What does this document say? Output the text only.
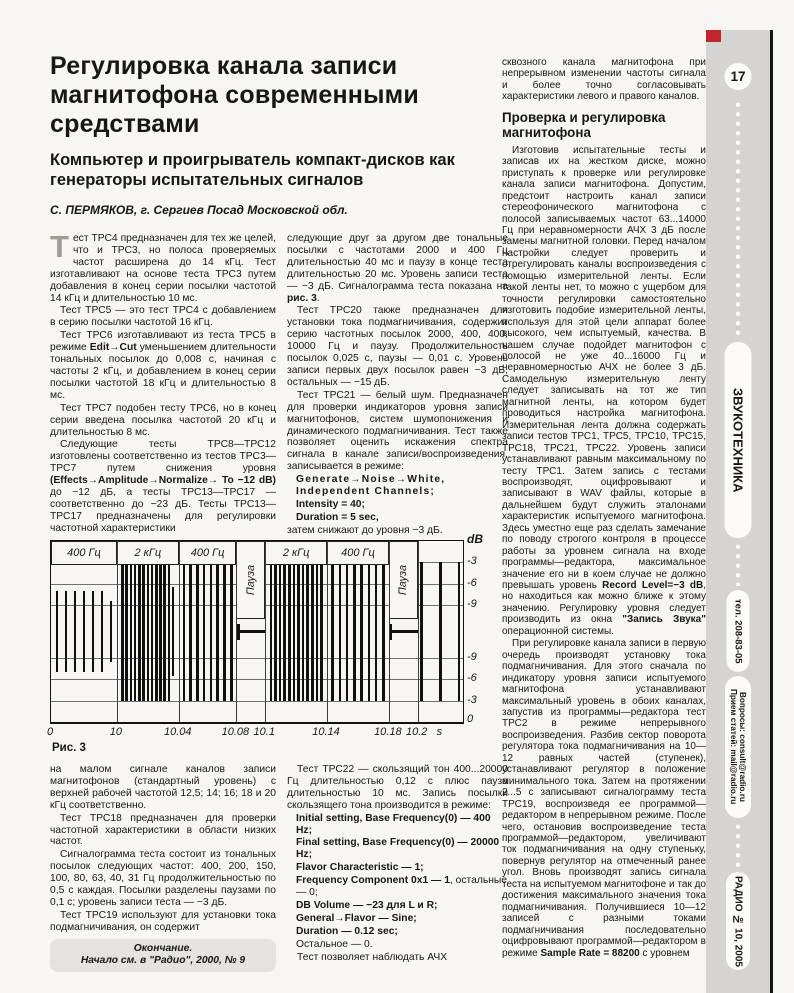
Регулировка канала записи магнитофона современными средствами
Компьютер и проигрыватель компакт-дисков как генераторы испытательных сигналов
С. ПЕРМЯКОВ, г. Сергиев Посад Московской обл.

Тест ТРС4 предназначен для тех же целей, что и ТРС3, но полоса проверяемых частот расширена до 14 кГц. Тест изготавливают на основе теста ТРС3 путем добавления в конец серии посылки частотой 14 кГц и длительностью 10 мс.

Тест ТРС5 — это тест ТРС4 с добавлением в серию посылки частотой 16 кГц.

Тест ТРС6 изготавливают из теста ТРС5 в режиме Edit→Cut уменьшением длительности тональных посылок до 0,008 с, начиная с частоты 2 кГц, и добавлением в конец серии посылки частотой 18 кГц и длительностью 8 мс.

Тест ТРС7 подобен тесту ТРС6, но в конец серии введена посылка частотой 20 кГц и длительностью 8 мс.

Следующие тесты ТРС8—ТРС12 изготовлены соответственно из тестов ТРС3—ТРС7 путем снижения уровня (Effects→Amplitude→Normalize→ To −12 dB) до −12 дБ, а тесты ТРС13—ТРС17 — соответственно до −23 дБ. Тесты ТРС13—ТРС17 предназначены для регулировки частотной характеристики

следующие друг за другом две тональные посылки с частотами 2000 и 400 Гц длительностью 40 мс и паузу в конце теста длительностью 20 мс. Уровень записи теста — −3 дБ. Сигналограмма теста показана на рис. 3.

Тест ТРС20 также предназначен для установки тока подмагничивания, содержит серию частотных посылок 2000, 400, 400, 10000 Гц и паузу. Продолжительность посылок 0,025 с, паузы — 0,01 с. Уровень записи первых двух посылок равен −3 дБ, остальных — −15 дБ.

Тест ТРС21 — белый шум. Предназначен для проверки индикаторов уровня записи магнитофонов, систем шумопонижения и динамического подмагничивания. Тест также позволяет оценить искажения спектра сигнала в канале записи/воспроизведения, записывается в режиме:

Generate→Noise→White, Independent Channels;

Intensity = 40;

Duration = 5 sec,

затем снижают до уровня −3 дБ.

сквозного канала магнитофона при непрерывном изменении частоты сигнала и более точно согласовывать характеристики левого и правого каналов.

Проверка и регулировка магнитофона

Изготовив испытательные тесты и записав их на жестком диске, можно приступать к проверке или регулировке канала записи магнитофона. Допустим, предстоит настроить канал записи стереофонического магнитофона с полосой записываемых частот 63...14000 Гц при неравномерности АЧХ 3 дБ после замены магнитной головки. Перед началом настройки следует проверить и отрегулировать каналы воспроизведения с помощью измерительной ленты. Если такой ленты нет, то можно с ущербом для точности регулировки самостоятельно изготовить подобие измерительной ленты, используя для этой цели аппарат более высокого, чем испытуемый, качества. В нашем случае подойдет магнитофон с полосой не уже 40...16000 Гц и неравномерностью АЧХ не более 3 дБ. Самодельную измерительную ленту следует записывать на тот же тип магнитной ленты, на котором будет проводиться настройка магнитофона. Измерительная лента должна содержать записи тестов ТРС1, ТРС5, ТРС10, ТРС15, ТРС18, ТРС21, ТРС22. Уровень записи устанавливают равным максимальному по тесту ТРС1. Затем запись с тестами воспроизводят, оцифровывают и записывают в WAV файлы, которые в дальнейшем будут служить эталонами характеристик испытуемого магнитофона. Здесь уместно еще раз сделать замечание по поводу строгого контроля в процессе работы за уровнем сигнала на входе программы—редактора, максимальное значение его ни в коем случае не должно превышать уровень Record Level=−3 dB, но находиться как можно ближе к этому значению. Регулировку уровня следует производить из окна "Запись Звука" операционной системы.

При регулировке канала записи в первую очередь производят установку тока подмагничивания. Для этого сначала по индикатору уровня записи испытуемого магнитофона устанавливают максимальный уровень в обоих каналах, запустив из программы—редактора тест ТРС2 в режиме непрерывного воспроизведения. Разбив сектор поворота регулятора тока подмагничивания на 10—12 равных частей (ступенек), устанавливают регулятор в положение минимального тока. Затем на протяжении 2...5 с записывают сигналограмму теста ТРС19, воспроизведя ее программой—редактором в непрерывном режиме. После чего, остановив воспроизведение теста программой—редактором, увеличивают ток подмагничивания на одну ступеньку, повернув регулятор на отмеченный ранее угол. Вновь производят запись сигнала теста на испытуемом магнитофоне и так до достижения максимального значения тока подмагничивания. Получившиеся 10—12 записей с разными токами подмагничивания последовательно оцифровывают программой—редактором в режиме Sample Rate = 88200 с уровнем

400 Гц	2 кГц	400 Гц
Пауза
2 кГц	400 Гц
Пауза
dB
-3
-6
-9
-9
-6
-3
0
0	10	10.04	10.08 10.1	10.14	10.18 10.2 s
Рис. 3

на малом сигнале каналов записи магнитофонов (стандартный уровень) с верхней рабочей частотой 12,5; 14; 16; 18 и 20 кГц соответственно.

Тест ТРС18 предназначен для проверки частотной характеристики в области низких частот.

Сигналограмма теста состоит из тональных посылок следующих частот: 400, 200, 150, 100, 80, 63, 40, 31 Гц продолжительностью по 0,5 с каждая. Посылки разделены паузами по 0,1 с; уровень записи теста — −3 дБ.

Тест ТРС19 используют для установки тока подмагничивания, он содержит

Окончание.
Начало см. в "Радио", 2000, № 9

Тест ТРС22 — скользящий тон 400...20000 Гц длительностью 0,12 с плюс пауза длительностью 10 мс. Запись посылки скользящего тона производится в режиме:

Initial setting, Base Frequency(0) — 400 Hz;

Final setting, Base Frequency(0) — 20000 Hz;

Flavor Characteristic — 1;

Frequency Component 0x1 — 1, остальные — 0;

DB Volume — −23 для L и R;

General→Flavor — Sine;

Duration — 0.12 sec;

Остальное — 0.

Тест позволяет наблюдать АЧХ

17
ЗВУКОТЕХНИКА
тел. 208-83-05
Прием статей: mail@radio.ru Вопросы: consult@radio.ru
РАДИО № 10, 2005
